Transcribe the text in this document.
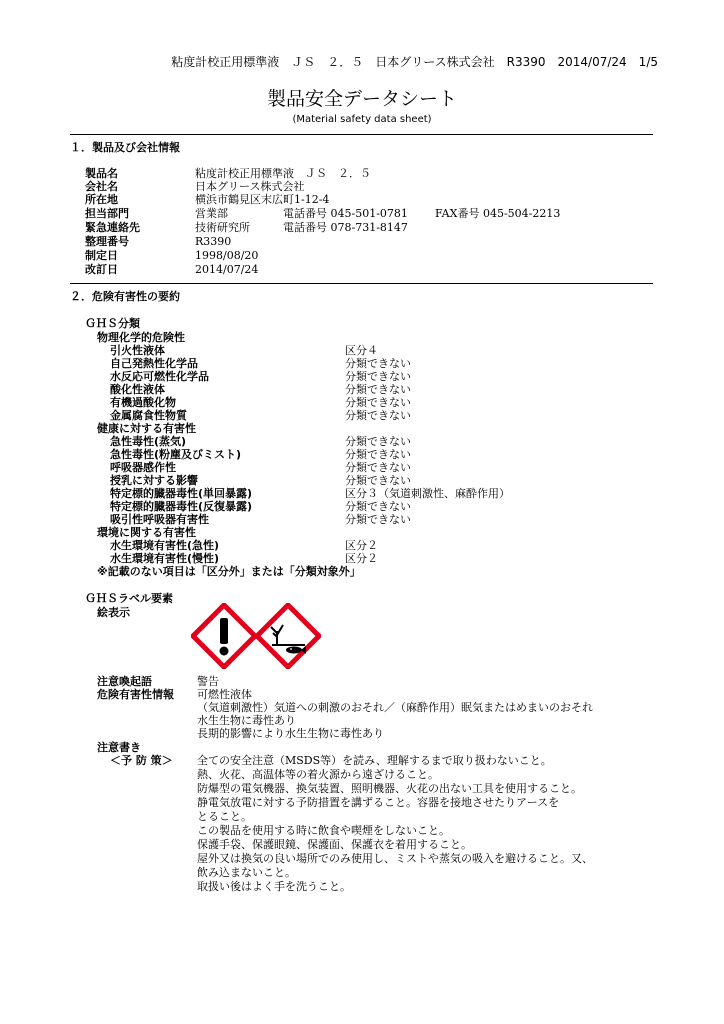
粘度計校正用標準液　ＪＳ　２．５　日本グリース株式会社　R3390　2014/07/24　1/5
製品安全データシート
(Material safety data sheet)
１．製品及び会社情報
製品名	粘度計校正用標準液　ＪＳ　２．５
会社名	日本グリース株式会社
所在地	横浜市鶴見区末広町1-12-4
担当部門	営業部	電話番号 045-501-0781 FAX番号 045-504-2213
緊急連絡先	技術研究所	電話番号 078-731-8147
整理番号	R3390
制定日	1998/08/20
改訂日	2014/07/24
２．危険有害性の要約
ＧＨＳ分類
物理化学的危険性
引火性液体	区分４
自己発熱性化学品	分類できない
水反応可燃性化学品	分類できない
酸化性液体	分類できない
有機過酸化物	分類できない
金属腐食性物質	分類できない
健康に対する有害性
急性毒性(蒸気)	分類できない
急性毒性(粉塵及びミスト)	分類できない
呼吸器感作性	分類できない
授乳に対する影響	分類できない
特定標的臓器毒性(単回暴露)	区分３（気道刺激性、麻酔作用）
特定標的臓器毒性(反復暴露)	分類できない
吸引性呼吸器有害性	分類できない
環境に関する有害性
水生環境有害性(急性)	区分２
水生環境有害性(慢性)	区分２
※記載のない項目は「区分外」または「分類対象外」
ＧＨＳラベル要素
絵表示
注意喚起語	警告
危険有害性情報 可燃性液体
（気道刺激性）気道への刺激のおそれ／（麻酔作用）眠気またはめまいのおそれ
水生生物に毒性あり
長期的影響により水生生物に毒性あり
注意書き
＜予 防 策＞ 全ての安全注意（MSDS等）を読み、理解するまで取り扱わないこと。
熱、火花、高温体等の着火源から遠ざけること。
防爆型の電気機器、換気装置、照明機器、火花の出ない工具を使用すること。
静電気放電に対する予防措置を講ずること。容器を接地させたりアースを
とること。
この製品を使用する時に飲食や喫煙をしないこと。
保護手袋、保護眼鏡、保護面、保護衣を着用すること。
屋外又は換気の良い場所でのみ使用し、ミストや蒸気の吸入を避けること。又、
飲み込まないこと。
取扱い後はよく手を洗うこと。
